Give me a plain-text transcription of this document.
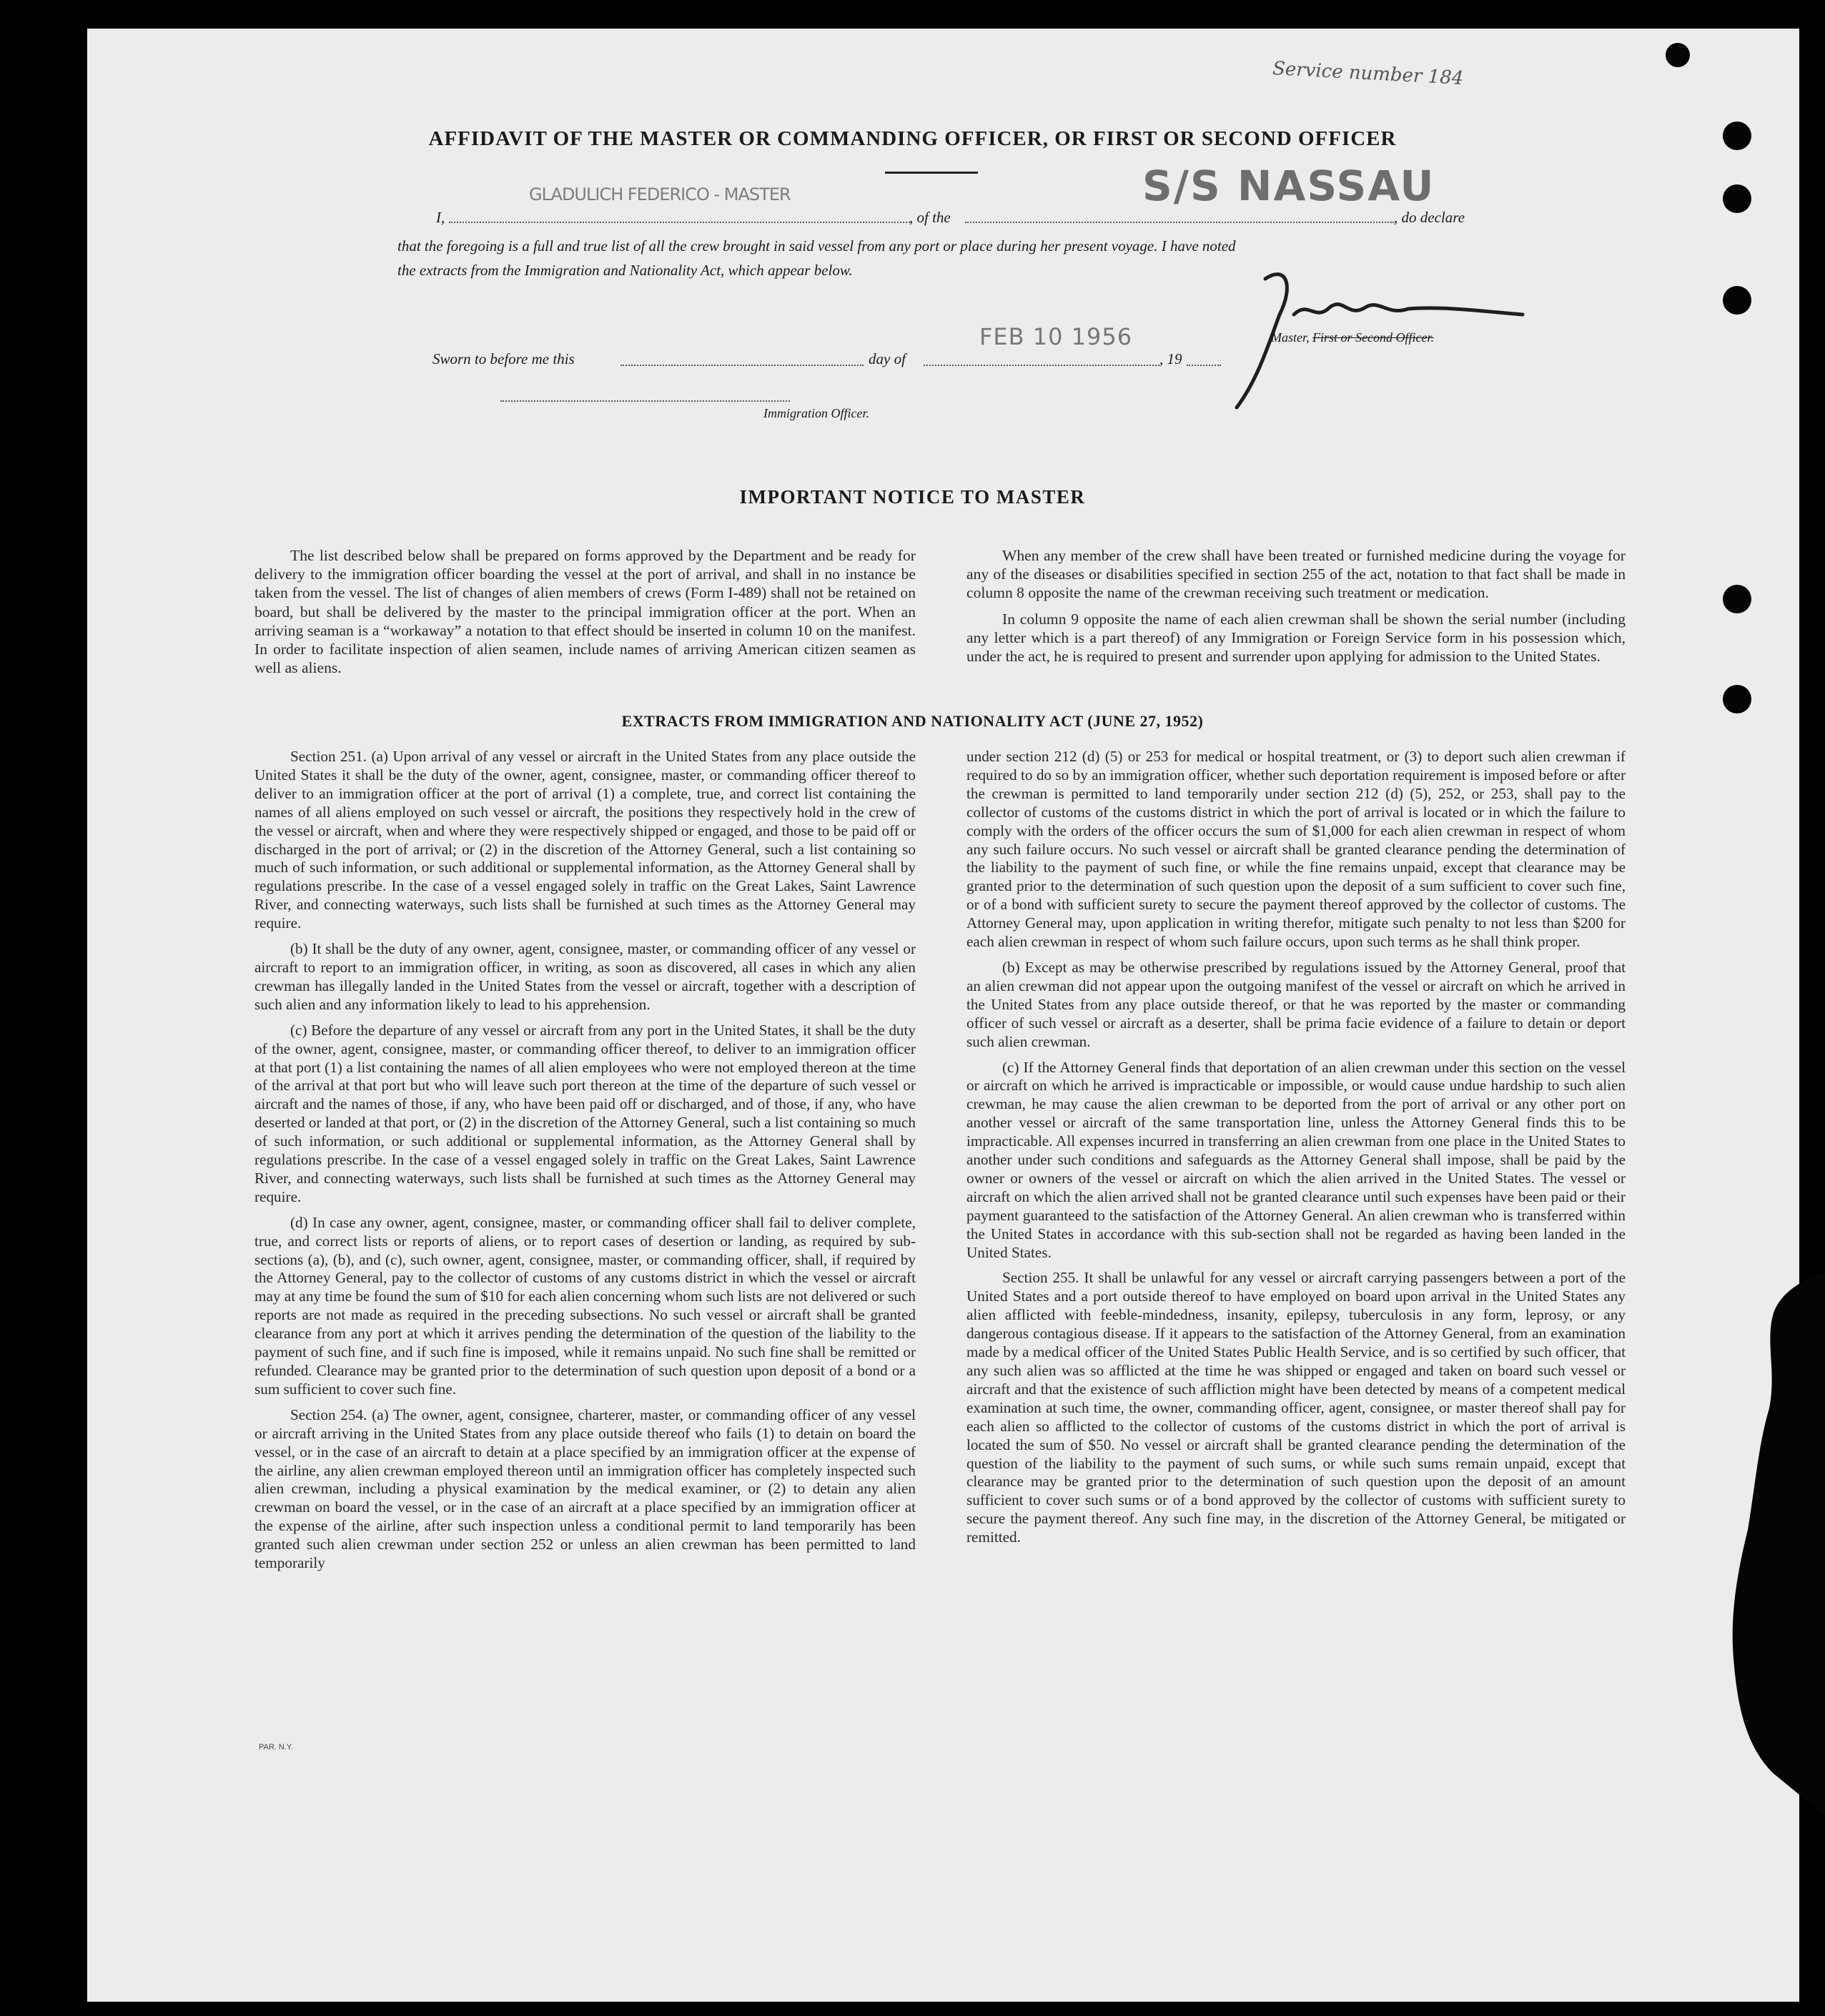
Service number 184
AFFIDAVIT OF THE MASTER OR COMMANDING OFFICER, OR FIRST OR SECOND OFFICER
I,
GLADULICH FEDERICO - MASTER
, of the
S/S NASSAU
, do declare
that the foregoing is a full and true list of all the crew brought in said vessel from any port or place during her present voyage. I have noted
the extracts from the Immigration and Nationality Act, which appear below.
Master, First or Second Officer.
Sworn to before me this	day of
FEB 10 1956
, 19
Immigration Officer.
IMPORTANT NOTICE TO MASTER

The list described below shall be prepared on forms approved by the Department and be ready for delivery to the immigration officer boarding the vessel at the port of arrival, and shall in no instance be taken from the vessel. The list of changes of alien members of crews (Form I-489) shall not be retained on board, but shall be delivered by the master to the principal immigration officer at the port. When an arriving seaman is a “workaway” a notation to that effect should be inserted in column 10 on the manifest. In order to facilitate inspection of alien seamen, include names of arriving American citizen seamen as well as aliens.

When any member of the crew shall have been treated or furnished medicine during the voyage for any of the diseases or disabilities specified in section 255 of the act, notation to that fact shall be made in column 8 opposite the name of the crewman receiving such treatment or medication.

In column 9 opposite the name of each alien crewman shall be shown the serial number (including any letter which is a part thereof) of any Immigration or Foreign Service form in his possession which, under the act, he is required to present and surrender upon applying for admission to the United States.

EXTRACTS FROM IMMIGRATION AND NATIONALITY ACT (JUNE 27, 1952)

Section 251. (a) Upon arrival of any vessel or aircraft in the United States from any place outside the United States it shall be the duty of the owner, agent, consignee, master, or commanding officer thereof to deliver to an immigration officer at the port of arrival (1) a complete, true, and correct list containing the names of all aliens employed on such vessel or aircraft, the positions they respectively hold in the crew of the vessel or aircraft, when and where they were respectively shipped or engaged, and those to be paid off or discharged in the port of arrival; or (2) in the discretion of the Attorney General, such a list containing so much of such information, or such additional or supplemental information, as the Attorney General shall by regulations prescribe. In the case of a vessel engaged solely in traffic on the Great Lakes, Saint Lawrence River, and connecting waterways, such lists shall be furnished at such times as the Attorney General may require.

(b) It shall be the duty of any owner, agent, consignee, master, or commanding officer of any vessel or aircraft to report to an immigration officer, in writing, as soon as discovered, all cases in which any alien crewman has illegally landed in the United States from the vessel or aircraft, together with a description of such alien and any information likely to lead to his apprehension.

(c) Before the departure of any vessel or aircraft from any port in the United States, it shall be the duty of the owner, agent, consignee, master, or commanding officer thereof, to deliver to an immigration officer at that port (1) a list containing the names of all alien employees who were not employed thereon at the time of the arrival at that port but who will leave such port thereon at the time of the departure of such vessel or aircraft and the names of those, if any, who have been paid off or discharged, and of those, if any, who have deserted or landed at that port, or (2) in the discretion of the Attorney General, such a list containing so much of such information, or such additional or supplemental information, as the Attorney General shall by regulations prescribe. In the case of a vessel engaged solely in traffic on the Great Lakes, Saint Lawrence River, and connecting waterways, such lists shall be furnished at such times as the Attorney General may require.

(d) In case any owner, agent, consignee, master, or commanding officer shall fail to deliver complete, true, and correct lists or reports of aliens, or to report cases of desertion or landing, as required by sub-sections (a), (b), and (c), such owner, agent, consignee, master, or commanding officer, shall, if required by the Attorney General, pay to the collector of customs of any customs district in which the vessel or aircraft may at any time be found the sum of $10 for each alien concerning whom such lists are not delivered or such reports are not made as required in the preceding subsections. No such vessel or aircraft shall be granted clearance from any port at which it arrives pending the determination of the question of the liability to the payment of such fine, and if such fine is imposed, while it remains unpaid. No such fine shall be remitted or refunded. Clearance may be granted prior to the determination of such question upon deposit of a bond or a sum sufficient to cover such fine.

Section 254. (a) The owner, agent, consignee, charterer, master, or commanding officer of any vessel or aircraft arriving in the United States from any place outside thereof who fails (1) to detain on board the vessel, or in the case of an aircraft to detain at a place specified by an immigration officer at the expense of the airline, any alien crewman employed thereon until an immigration officer has completely inspected such alien crewman, including a physical examination by the medical examiner, or (2) to detain any alien crewman on board the vessel, or in the case of an aircraft at a place specified by an immigration officer at the expense of the airline, after such inspection unless a conditional permit to land temporarily has been granted such alien crewman under section 252 or unless an alien crewman has been permitted to land temporarily

under section 212 (d) (5) or 253 for medical or hospital treatment, or (3) to deport such alien crewman if required to do so by an immigration officer, whether such deportation requirement is imposed before or after the crewman is permitted to land temporarily under section 212 (d) (5), 252, or 253, shall pay to the collector of customs of the customs district in which the port of arrival is located or in which the failure to comply with the orders of the officer occurs the sum of $1,000 for each alien crewman in respect of whom any such failure occurs. No such vessel or aircraft shall be granted clearance pending the determination of the liability to the payment of such fine, or while the fine remains unpaid, except that clearance may be granted prior to the determination of such question upon the deposit of a sum sufficient to cover such fine, or of a bond with sufficient surety to secure the payment thereof approved by the collector of customs. The Attorney General may, upon application in writing therefor, mitigate such penalty to not less than $200 for each alien crewman in respect of whom such failure occurs, upon such terms as he shall think proper.

(b) Except as may be otherwise prescribed by regulations issued by the Attorney General, proof that an alien crewman did not appear upon the outgoing manifest of the vessel or aircraft on which he arrived in the United States from any place outside thereof, or that he was reported by the master or commanding officer of such vessel or aircraft as a deserter, shall be prima facie evidence of a failure to detain or deport such alien crewman.

(c) If the Attorney General finds that deportation of an alien crewman under this section on the vessel or aircraft on which he arrived is impracticable or impossible, or would cause undue hardship to such alien crewman, he may cause the alien crewman to be deported from the port of arrival or any other port on another vessel or aircraft of the same transportation line, unless the Attorney General finds this to be impracticable. All expenses incurred in transferring an alien crewman from one place in the United States to another under such conditions and safeguards as the Attorney General shall impose, shall be paid by the owner or owners of the vessel or aircraft on which the alien arrived in the United States. The vessel or aircraft on which the alien arrived shall not be granted clearance until such expenses have been paid or their payment guaranteed to the satisfaction of the Attorney General. An alien crewman who is transferred within the United States in accordance with this sub-section shall not be regarded as having been landed in the United States.

Section 255. It shall be unlawful for any vessel or aircraft carrying passengers between a port of the United States and a port outside thereof to have employed on board upon arrival in the United States any alien afflicted with feeble-mindedness, insanity, epilepsy, tuberculosis in any form, leprosy, or any dangerous contagious disease. If it appears to the satisfaction of the Attorney General, from an examination made by a medical officer of the United States Public Health Service, and is so certified by such officer, that any such alien was so afflicted at the time he was shipped or engaged and taken on board such vessel or aircraft and that the existence of such affliction might have been detected by means of a competent medical examination at such time, the owner, commanding officer, agent, consignee, or master thereof shall pay for each alien so afflicted to the collector of customs of the customs district in which the port of arrival is located the sum of $50. No vessel or aircraft shall be granted clearance pending the determination of the question of the liability to the payment of such sums, or while such sums remain unpaid, except that clearance may be granted prior to the determination of such question upon the deposit of an amount sufficient to cover such sums or of a bond approved by the collector of customs with sufficient surety to secure the payment thereof. Any such fine may, in the discretion of the Attorney General, be mitigated or remitted.

PAR. N.Y.
